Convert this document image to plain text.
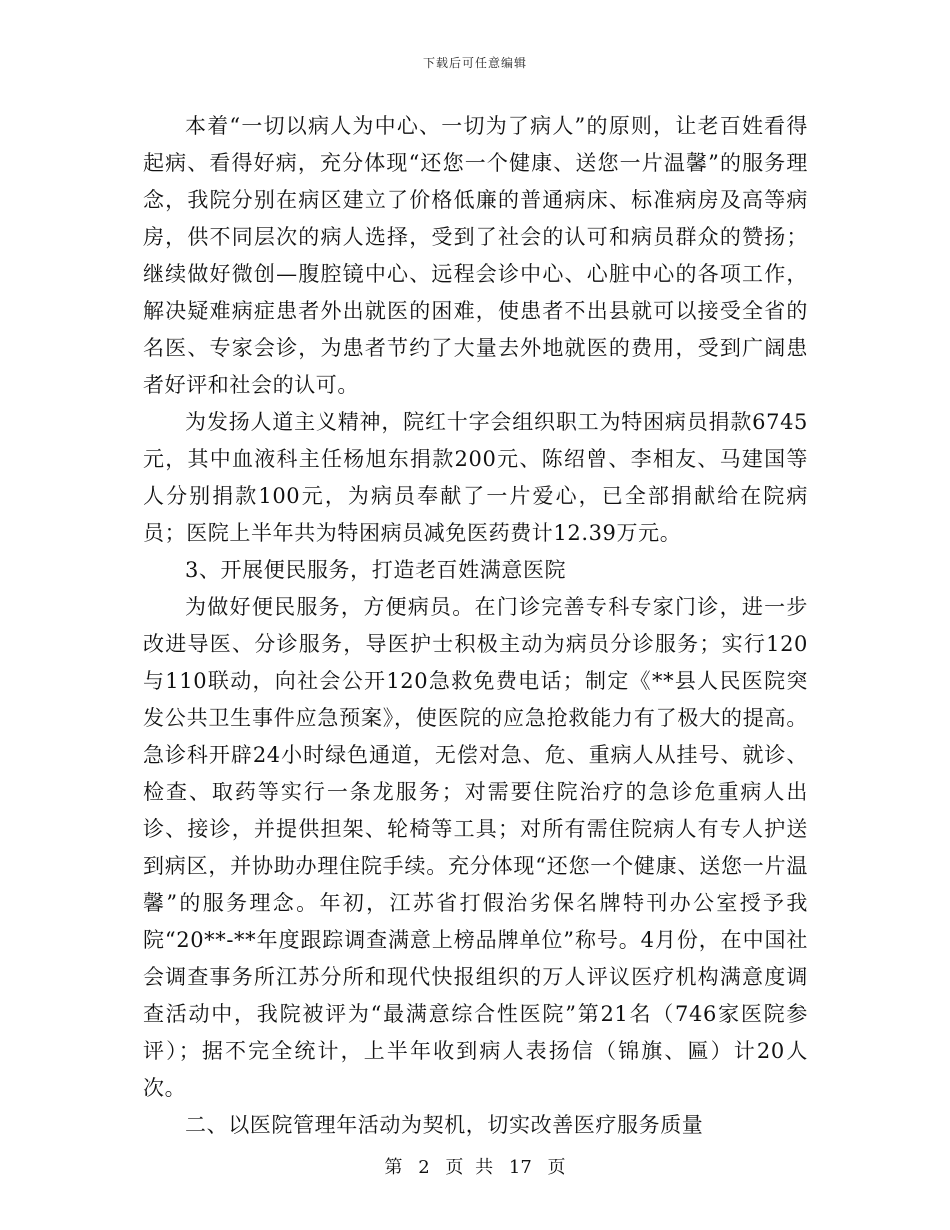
下载后可任意编辑

本着“一切以病人为中心、一切为了病人”的原则，让老百姓看得起病、看得好病，充分体现“还您一个健康、送您一片温馨”的服务理念，我院分别在病区建立了价格低廉的普通病床、标准病房及高等病房，供不同层次的病人选择，受到了社会的认可和病员群众的赞扬；继续做好微创—腹腔镜中心、远程会诊中心、心脏中心的各项工作，解决疑难病症患者外出就医的困难，使患者不出县就可以接受全省的名医、专家会诊，为患者节约了大量去外地就医的费用，受到广阔患者好评和社会的认可。

为发扬人道主义精神，院红十字会组织职工为特困病员捐款6745元，其中血液科主任杨旭东捐款200元、陈绍曾、李相友、马建国等人分别捐款100元，为病员奉献了一片爱心，已全部捐献给在院病员；医院上半年共为特困病员减免医药费计12.39万元。

3、开展便民服务，打造老百姓满意医院

为做好便民服务，方便病员。在门诊完善专科专家门诊，进一步改进导医、分诊服务，导医护士积极主动为病员分诊服务；实行120与110联动，向社会公开120急救免费电话；制定《**县人民医院突发公共卫生事件应急预案》，使医院的应急抢救能力有了极大的提高。急诊科开辟24小时绿色通道，无偿对急、危、重病人从挂号、就诊、检查、取药等实行一条龙服务；对需要住院治疗的急诊危重病人出诊、接诊，并提供担架、轮椅等工具；对所有需住院病人有专人护送到病区，并协助办理住院手续。充分体现“还您一个健康、送您一片温馨”的服务理念。年初，江苏省打假治劣保名牌特刊办公室授予我院“20**-**年度跟踪调查满意上榜品牌单位”称号。4月份，在中国社会调查事务所江苏分所和现代快报组织的万人评议医疗机构满意度调查活动中，我院被评为“最满意综合性医院”第21名（746家医院参评）；据不完全统计，上半年收到病人表扬信（锦旗、匾）计20人次。

二、以医院管理年活动为契机，切实改善医疗服务质量

第 2 页 共 17 页
